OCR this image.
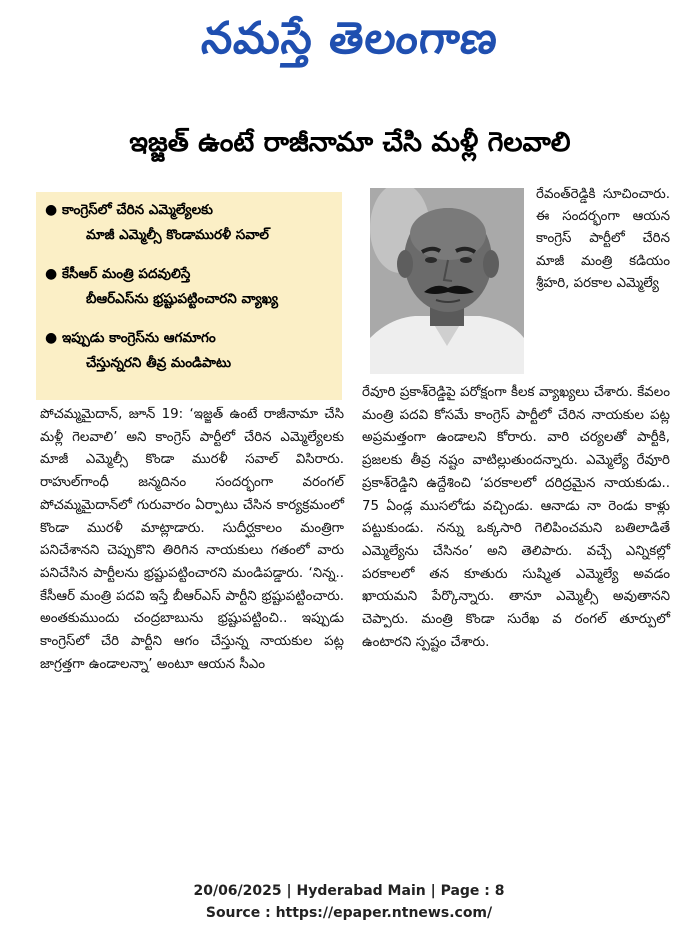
నమస్తే తెలంగాణ
ఇజ్జత్ ఉంటే రాజీనామా చేసి మళ్లీ గెలవాలి
● కాంగ్రెస్‌లో చేరిన ఎమ్మెల్యేలకు
మాజీ ఎమ్మెల్సీ కొండామురళీ సవాల్
● కేసీఆర్ మంత్రి పదవులిస్తే
బీఆర్ఎస్‌ను భ్రష్టుపట్టించారని వ్యాఖ్య
● ఇప్పుడు కాంగ్రెస్‌ను ఆగమాగం
చేస్తున్నరని తీవ్ర మండిపాటు
పోచమ్మమైదాన్, జూన్ 19: ‘ఇజ్జత్ ఉంటే రాజీనామా చేసి మళ్లీ గెలవాలి’ అని కాంగ్రెస్ పార్టీలో చేరిన ఎమ్మెల్యేలకు మాజీ ఎమ్మెల్సీ కొండా మురళీ సవాల్ విసిరారు. రాహుల్‌గాంధీ జన్మదినం సందర్భంగా వరంగల్ పోచమ్మమైదాన్‌లో గురువారం ఏర్పాటు చేసిన కార్యక్రమంలో కొండా మురళీ మాట్లాడారు. సుదీర్ఘకాలం మంత్రిగా పనిచేశానని చెప్పుకొని తిరిగిన నాయకులు గతంలో వారు పనిచేసిన పార్టీలను భ్రష్టుపట్టించారని మండిపడ్డారు. ‘నిన్న.. కేసీఆర్ మంత్రి పదవి ఇస్తే బీఆర్ఎస్ పార్టీని భ్రష్టుపట్టించారు. అంతకుముందు చంద్రబాబును భ్రష్టుపట్టించి.. ఇప్పుడు కాంగ్రెస్‌లో చేరి పార్టీని ఆగం చేస్తున్న నాయకుల పట్ల జాగ్రత్తగా ఉండాలన్నా’ అంటూ ఆయన సీఎం
రేవంత్‌రెడ్డికి సూచించారు. ఈ సందర్భంగా ఆయన కాంగ్రెస్ పార్టీలో చేరిన మాజీ మంత్రి కడియం శ్రీహరి, పరకాల ఎమ్మెల్యే
రేవూరి ప్రకాశ్‌రెడ్డిపై పరోక్షంగా కీలక వ్యాఖ్యలు చేశారు. కేవలం మంత్రి పదవి కోసమే కాంగ్రెస్ పార్టీలో చేరిన నాయకుల పట్ల అప్రమత్తంగా ఉండాలని కోరారు. వారి చర్యలతో పార్టీకి, ప్రజలకు తీవ్ర నష్టం వాటిల్లుతుందన్నారు. ఎమ్మెల్యే రేవూరి ప్రకాశ్‌రెడ్డిని ఉద్దేశించి ‘పరకాలలో దరిద్రమైన నాయకుడు.. 75 ఏండ్ల ముసలోడు వచ్చిండు. ఆనాడు నా రెండు కాళ్లు పట్టుకుండు. నన్ను ఒక్కసారి గెలిపించమని బతిలాడితే ఎమ్మెల్యేను చేసినం’ అని తెలిపారు. వచ్చే ఎన్నికల్లో పరకాలలో తన కూతురు సుష్మిత ఎమ్మెల్యే అవడం ఖాయమని పేర్కొన్నారు. తానూ ఎమ్మెల్సీ అవుతానని చెప్పారు. మంత్రి కొండా సురేఖ వ రంగల్ తూర్పులో ఉంటారని స్పష్టం చేశారు.
20/06/2025 | Hyderabad Main | Page : 8
Source : https://epaper.ntnews.com/
